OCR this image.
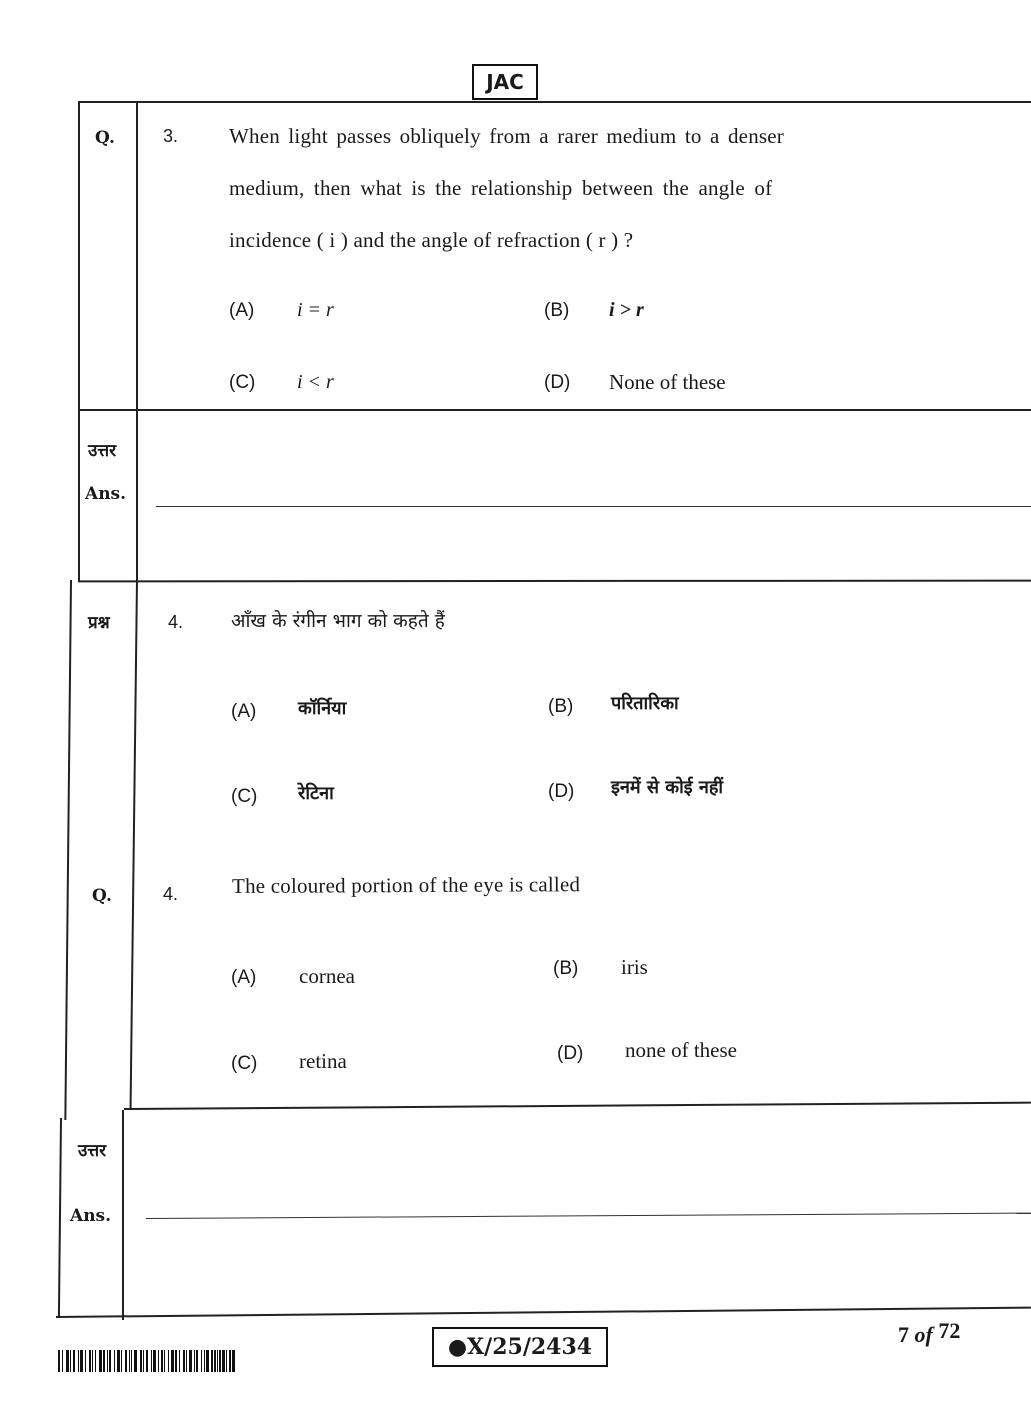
JAC
Q.	3. When light passes obliquely from a rarer medium to a denser
medium, then what is the relationship between the angle of
incidence ( i ) and the angle of refraction ( r ) ?
(A) i = r	(B) i > r
(C) i < r	(D) None of these
उत्तर
Ans.
प्रश्न	4.	आँख के रंगीन भाग को कहते हैं
(A) कॉर्निया	(B) परितारिका
(C) रेटिना	(D) इनमें से कोई नहीं
Q.	4.	The coloured portion of the eye is called
(A) cornea	(B) iris
(C) retina	(D) none of these
उत्तर
Ans.
●X/25/2434	7 of 72
